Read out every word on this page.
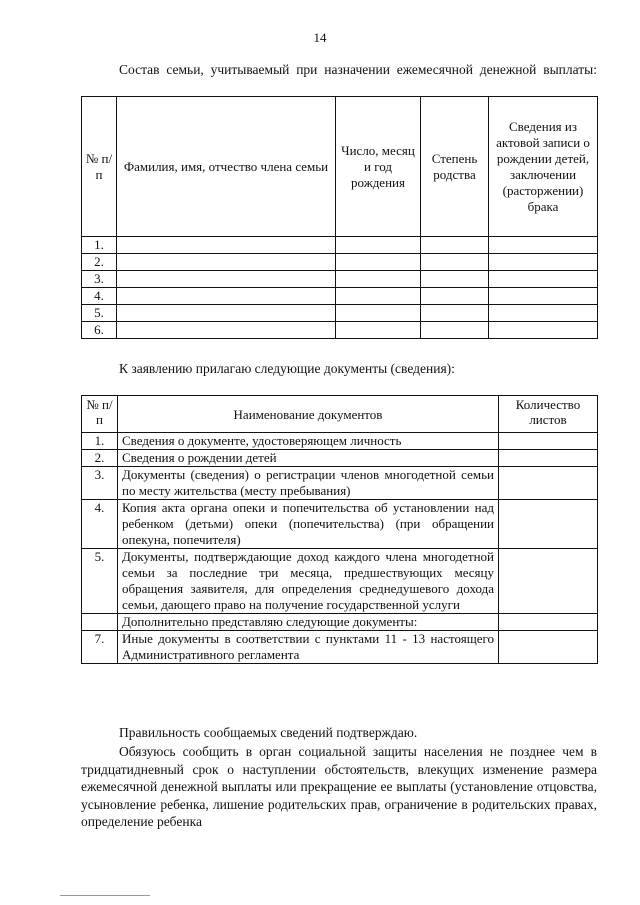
14
Состав семьи, учитываемый при назначении ежемесячной денежной выплаты:
№ п/п	Фамилия, имя, отчество члена семьи	Число, месяц и год рождения	Степень родства	Сведения из актовой записи о рождении детей, заключении (расторжении) брака
1.				
2.				
3.				
4.				
5.				
6.				
К заявлению прилагаю следующие документы (сведения):
№ п/п	Наименование документов	Количество листов
1.	Сведения о документе, удостоверяющем личность	
2.	Сведения о рождении детей	
3.	Документы (сведения) о регистрации членов многодетной семьи по месту жительства (месту пребывания)	
4.	Копия акта органа опеки и попечительства об установлении над ребенком (детьми) опеки (попечительства) (при обращении опекуна, попечителя)	
5.	Документы, подтверждающие доход каждого члена многодетной семьи за последние три месяца, предшествующих месяцу обращения заявителя, для определения среднедушевого дохода семьи, дающего право на получение государственной услуги	
	Дополнительно представляю следующие документы:	
7.	Иные документы в соответствии с пунктами 11 - 13 настоящего Административного регламента	
Правильность сообщаемых сведений подтверждаю.
Обязуюсь сообщить в орган социальной защиты населения не позднее чем в тридцатидневный срок о наступлении обстоятельств, влекущих изменение размера ежемесячной денежной выплаты или прекращение ее выплаты (установление отцовства, усыновление ребенка, лишение родительских прав, ограничение в родительских правах, определение ребенка
